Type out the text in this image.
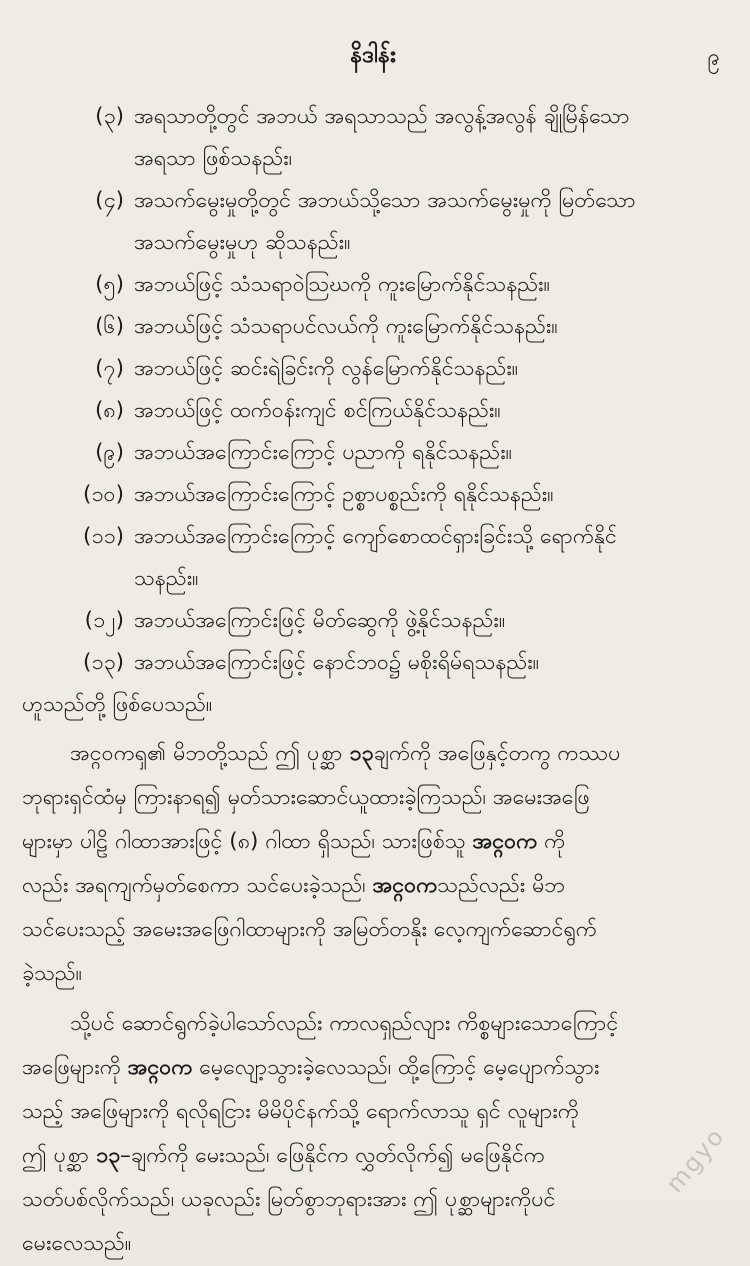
နိဒါန်း	၉
(၃) အရသာတို့တွင် အဘယ် အရသာသည် အလွန့်အလွန် ချိုမြိန်သော
အရသာ ဖြစ်သနည်း၊
(၄) အသက်မွေးမှုတို့တွင် အဘယ်သို့သော အသက်မွေးမှုကို မြတ်သော
အသက်မွေးမှုဟု ဆိုသနည်း။
(၅) အဘယ်ဖြင့် သံသရာဝဲသြဃကို ကူးမြောက်နိုင်သနည်း။
(၆) အဘယ်ဖြင့် သံသရာပင်လယ်ကို ကူးမြောက်နိုင်သနည်း။
(၇) အဘယ်ဖြင့် ဆင်းရဲခြင်းကို လွန်မြောက်နိုင်သနည်း။
(၈) အဘယ်ဖြင့် ထက်ဝန်းကျင် စင်ကြယ်နိုင်သနည်း။
(၉) အဘယ်အကြောင်းကြောင့် ပညာကို ရနိုင်သနည်း။
(၁၀) အဘယ်အကြောင်းကြောင့် ဥစ္စာပစ္စည်းကို ရနိုင်သနည်း။
(၁၁) အဘယ်အကြောင်းကြောင့် ကျော်စောထင်ရှားခြင်းသို့ ရောက်နိုင်
သနည်း။
(၁၂) အဘယ်အကြောင်းဖြင့် မိတ်ဆွေကို ဖွဲ့နိုင်သနည်း။
(၁၃) အဘယ်အကြောင်းဖြင့် နောင်ဘဝ၌ မစိုးရိမ်ရသနည်း။
ဟူသည်တို့ ဖြစ်ပေသည်။
အင္ဂဝကၡ၏ မိဘတို့သည် ဤ ပုစ္ဆာ ၁၃ချက်ကို အဖြေနှင့်တကွ ကဿပ
ဘုရားရှင်ထံမှ ကြားနာရ၍ မှတ်သားဆောင်ယူထားခဲ့ကြသည်၊ အမေးအဖြေ
များမှာ ပါဠိ ဂါထာအားဖြင့် (၈) ဂါထာ ရှိသည်၊ သားဖြစ်သူ အင္ဂဝက ကို
လည်း အရကျက်မှတ်စေကာ သင်ပေးခဲ့သည်၊ အင္ဂဝကသည်လည်း မိဘ
သင်ပေးသည့် အမေးအဖြေဂါထာများကို အမြတ်တနိုး လေ့ကျက်ဆောင်ရွက်
ခဲ့သည်။
သို့ပင် ဆောင်ရွက်ခဲ့ပါသော်လည်း ကာလရှည်လျား ကိစ္စများသောကြောင့်
အဖြေများကို အင္ဂဝက မေ့လျော့သွားခဲ့လေသည်၊ ထို့ကြောင့် မေ့ပျောက်သွား
သည့် အဖြေများကို ရလိုရငြား မိမိပိုင်နက်သို့ ရောက်လာသူ ရှင် လူများကို
ဤ ပုစ္ဆာ ၁၃–ချက်ကို မေးသည်၊ ဖြေနိုင်က လွှတ်လိုက်၍ မဖြေနိုင်က
သတ်ပစ်လိုက်သည်၊ ယခုလည်း မြတ်စွာဘုရားအား ဤ ပုစ္ဆာများကိုပင်
မေးလေသည်။
mgyo
